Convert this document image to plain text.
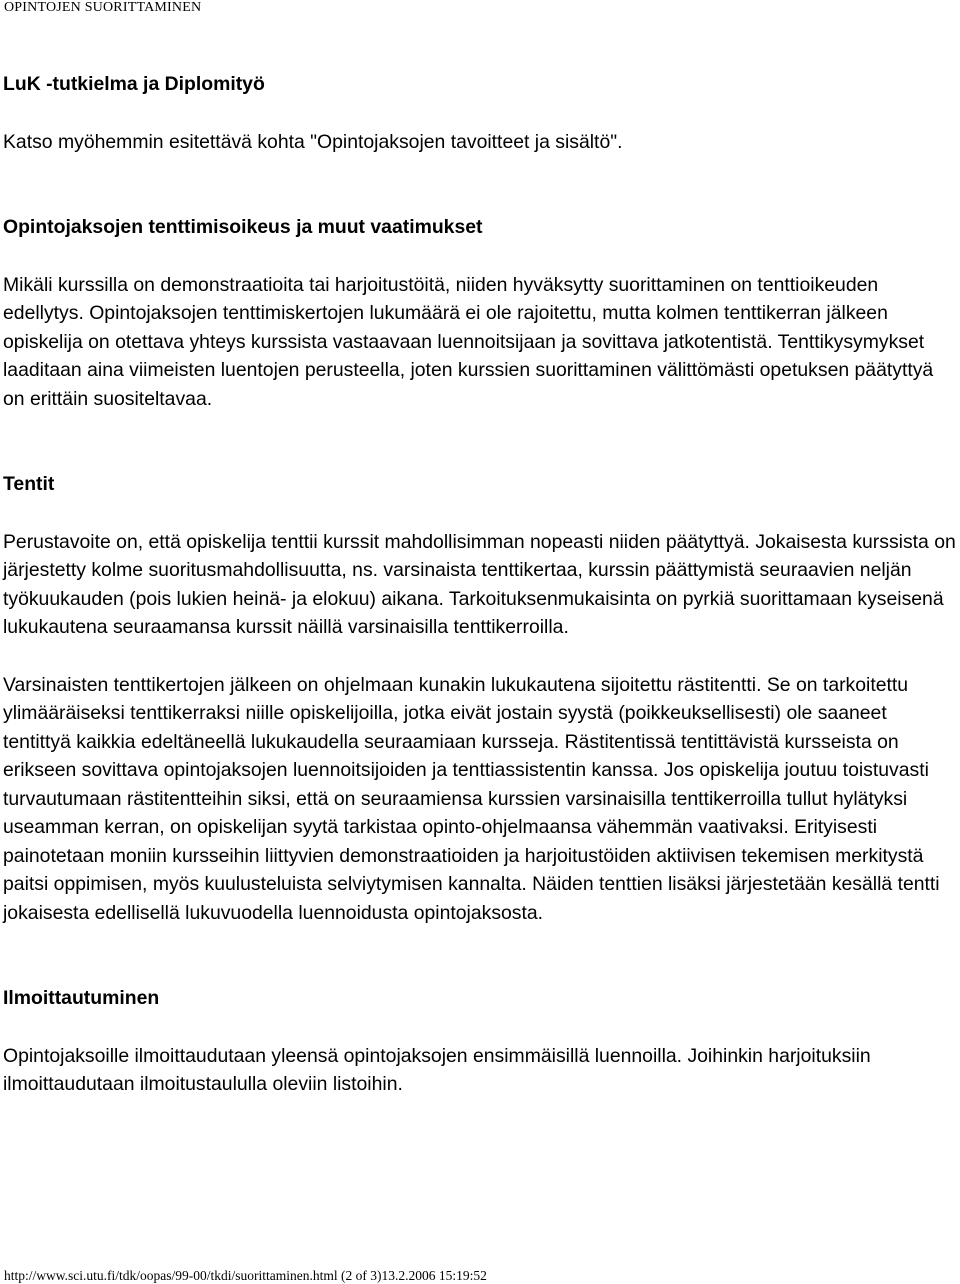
OPINTOJEN SUORITTAMINEN
LuK -tutkielma ja Diplomityö

Katso myöhemmin esitettävä kohta "Opintojaksojen tavoitteet ja sisältö".

Opintojaksojen tenttimisoikeus ja muut vaatimukset

Mikäli kurssilla on demonstraatioita tai harjoitustöitä, niiden hyväksytty suorittaminen on tenttioikeuden edellytys. Opintojaksojen tenttimiskertojen lukumäärä ei ole rajoitettu, mutta kolmen tenttikerran jälkeen opiskelija on otettava yhteys kurssista vastaavaan luennoitsijaan ja sovittava jatkotentistä. Tenttikysymykset laaditaan aina viimeisten luentojen perusteella, joten kurssien suorittaminen välittömästi opetuksen päätyttyä on erittäin suositeltavaa.

Tentit

Perustavoite on, että opiskelija tenttii kurssit mahdollisimman nopeasti niiden päätyttyä. Jokaisesta kurssista on järjestetty kolme suoritusmahdollisuutta, ns. varsinaista tenttikertaa, kurssin päättymistä seuraavien neljän työkuukauden (pois lukien heinä- ja elokuu) aikana. Tarkoituksenmukaisinta on pyrkiä suorittamaan kyseisenä lukukautena seuraamansa kurssit näillä varsinaisilla tenttikerroilla.

Varsinaisten tenttikertojen jälkeen on ohjelmaan kunakin lukukautena sijoitettu rästitentti. Se on tarkoitettu ylimääräiseksi tenttikerraksi niille opiskelijoilla, jotka eivät jostain syystä (poikkeuksellisesti) ole saaneet tentittyä kaikkia edeltäneellä lukukaudella seuraamiaan kursseja. Rästitentissä tentittävistä kursseista on erikseen sovittava opintojaksojen luennoitsijoiden ja tenttiassistentin kanssa. Jos opiskelija joutuu toistuvasti turvautumaan rästitentteihin siksi, että on seuraamiensa kurssien varsinaisilla tenttikerroilla tullut hylätyksi useamman kerran, on opiskelijan syytä tarkistaa opinto-ohjelmaansa vähemmän vaativaksi. Erityisesti painotetaan moniin kursseihin liittyvien demonstraatioiden ja harjoitustöiden aktiivisen tekemisen merkitystä paitsi oppimisen, myös kuulusteluista selviytymisen kannalta. Näiden tenttien lisäksi järjestetään kesällä tentti jokaisesta edellisellä lukuvuodella luennoidusta opintojaksosta.

Ilmoittautuminen

Opintojaksoille ilmoittaudutaan yleensä opintojaksojen ensimmäisillä luennoilla. Joihinkin harjoituksiin ilmoittaudutaan ilmoitustaululla oleviin listoihin.

http://www.sci.utu.fi/tdk/oopas/99-00/tkdi/suorittaminen.html (2 of 3)13.2.2006 15:19:52
